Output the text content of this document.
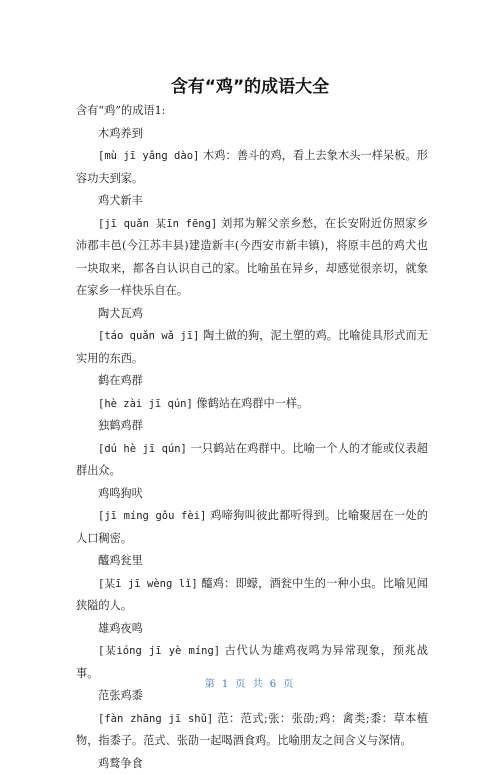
含有“鸡”的成语大全
含有“鸡”的成语1:
木鸡养到
[mù jī yǎng dào] 木鸡：善斗的鸡，看上去象木头一样呆板。形容功夫到家。
鸡犬新丰
[jī quǎn 某īn fēng] 刘邦为解父亲乡愁，在长安附近仿照家乡沛郡丰邑(今江苏丰县)建造新丰(今西安市新丰镇)，将原丰邑的鸡犬也一块取来，都各自认识自己的家。比喻虽在异乡，却感觉很亲切，就象在家乡一样快乐自在。
陶犬瓦鸡
[táo quǎn wǎ jī] 陶土做的狗，泥土塑的鸡。比喻徒具形式而无实用的东西。
鹤在鸡群
[hè zài jī qún] 像鹤站在鸡群中一样。
独鹤鸡群
[dú hè jī qún] 一只鹤站在鸡群中。比喻一个人的才能或仪表超群出众。
鸡鸣狗吠
[jī míng gǒu fèi] 鸡啼狗叫彼此都听得到。比喻聚居在一处的人口稠密。
醯鸡瓮里
[某ī jī wèng lǐ] 醯鸡：即蠓，酒瓮中生的一种小虫。比喻见闻狭隘的人。
雄鸡夜鸣
[某ióng jī yè míng] 古代认为雄鸡夜鸣为异常现象，预兆战事。
范张鸡黍
[fàn zhāng jī shǔ] 范：范式;张：张劭;鸡：禽类;黍：草本植物，指黍子。范式、张劭一起喝酒食鸡。比喻朋友之间含义与深情。
鸡鹜争食
第 1 页 共 6 页
